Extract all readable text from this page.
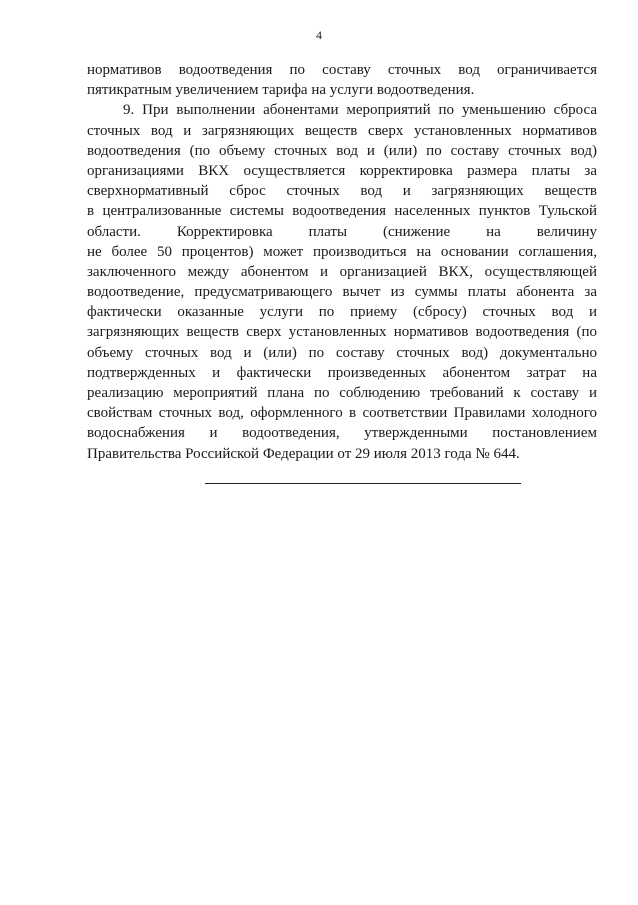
4
нормативов водоотведения по составу сточных вод ограничивается
пятикратным увеличением тарифа на услуги водоотведения.
9. При выполнении абонентами мероприятий по уменьшению сброса
сточных вод и загрязняющих веществ сверх установленных нормативов
водоотведения (по объему сточных вод и (или) по составу сточных вод)
организациями ВКХ осуществляется корректировка размера платы за
сверхнормативный сброс сточных вод и загрязняющих веществ
в централизованные системы водоотведения населенных пунктов Тульской
области. Корректировка платы (снижение на величину
не более 50 процентов) может производиться на основании соглашения,
заключенного между абонентом и организацией ВКХ, осуществляющей
водоотведение, предусматривающего вычет из суммы платы абонента за
фактически оказанные услуги по приему (сбросу) сточных вод и
загрязняющих веществ сверх установленных нормативов водоотведения (по
объему сточных вод и (или) по составу сточных вод) документально
подтвержденных и фактически произведенных абонентом затрат на
реализацию мероприятий плана по соблюдению требований к составу и
свойствам сточных вод, оформленного в соответствии Правилами холодного
водоснабжения и водоотведения, утвержденными постановлением
Правительства Российской Федерации от 29 июля 2013 года № 644.
